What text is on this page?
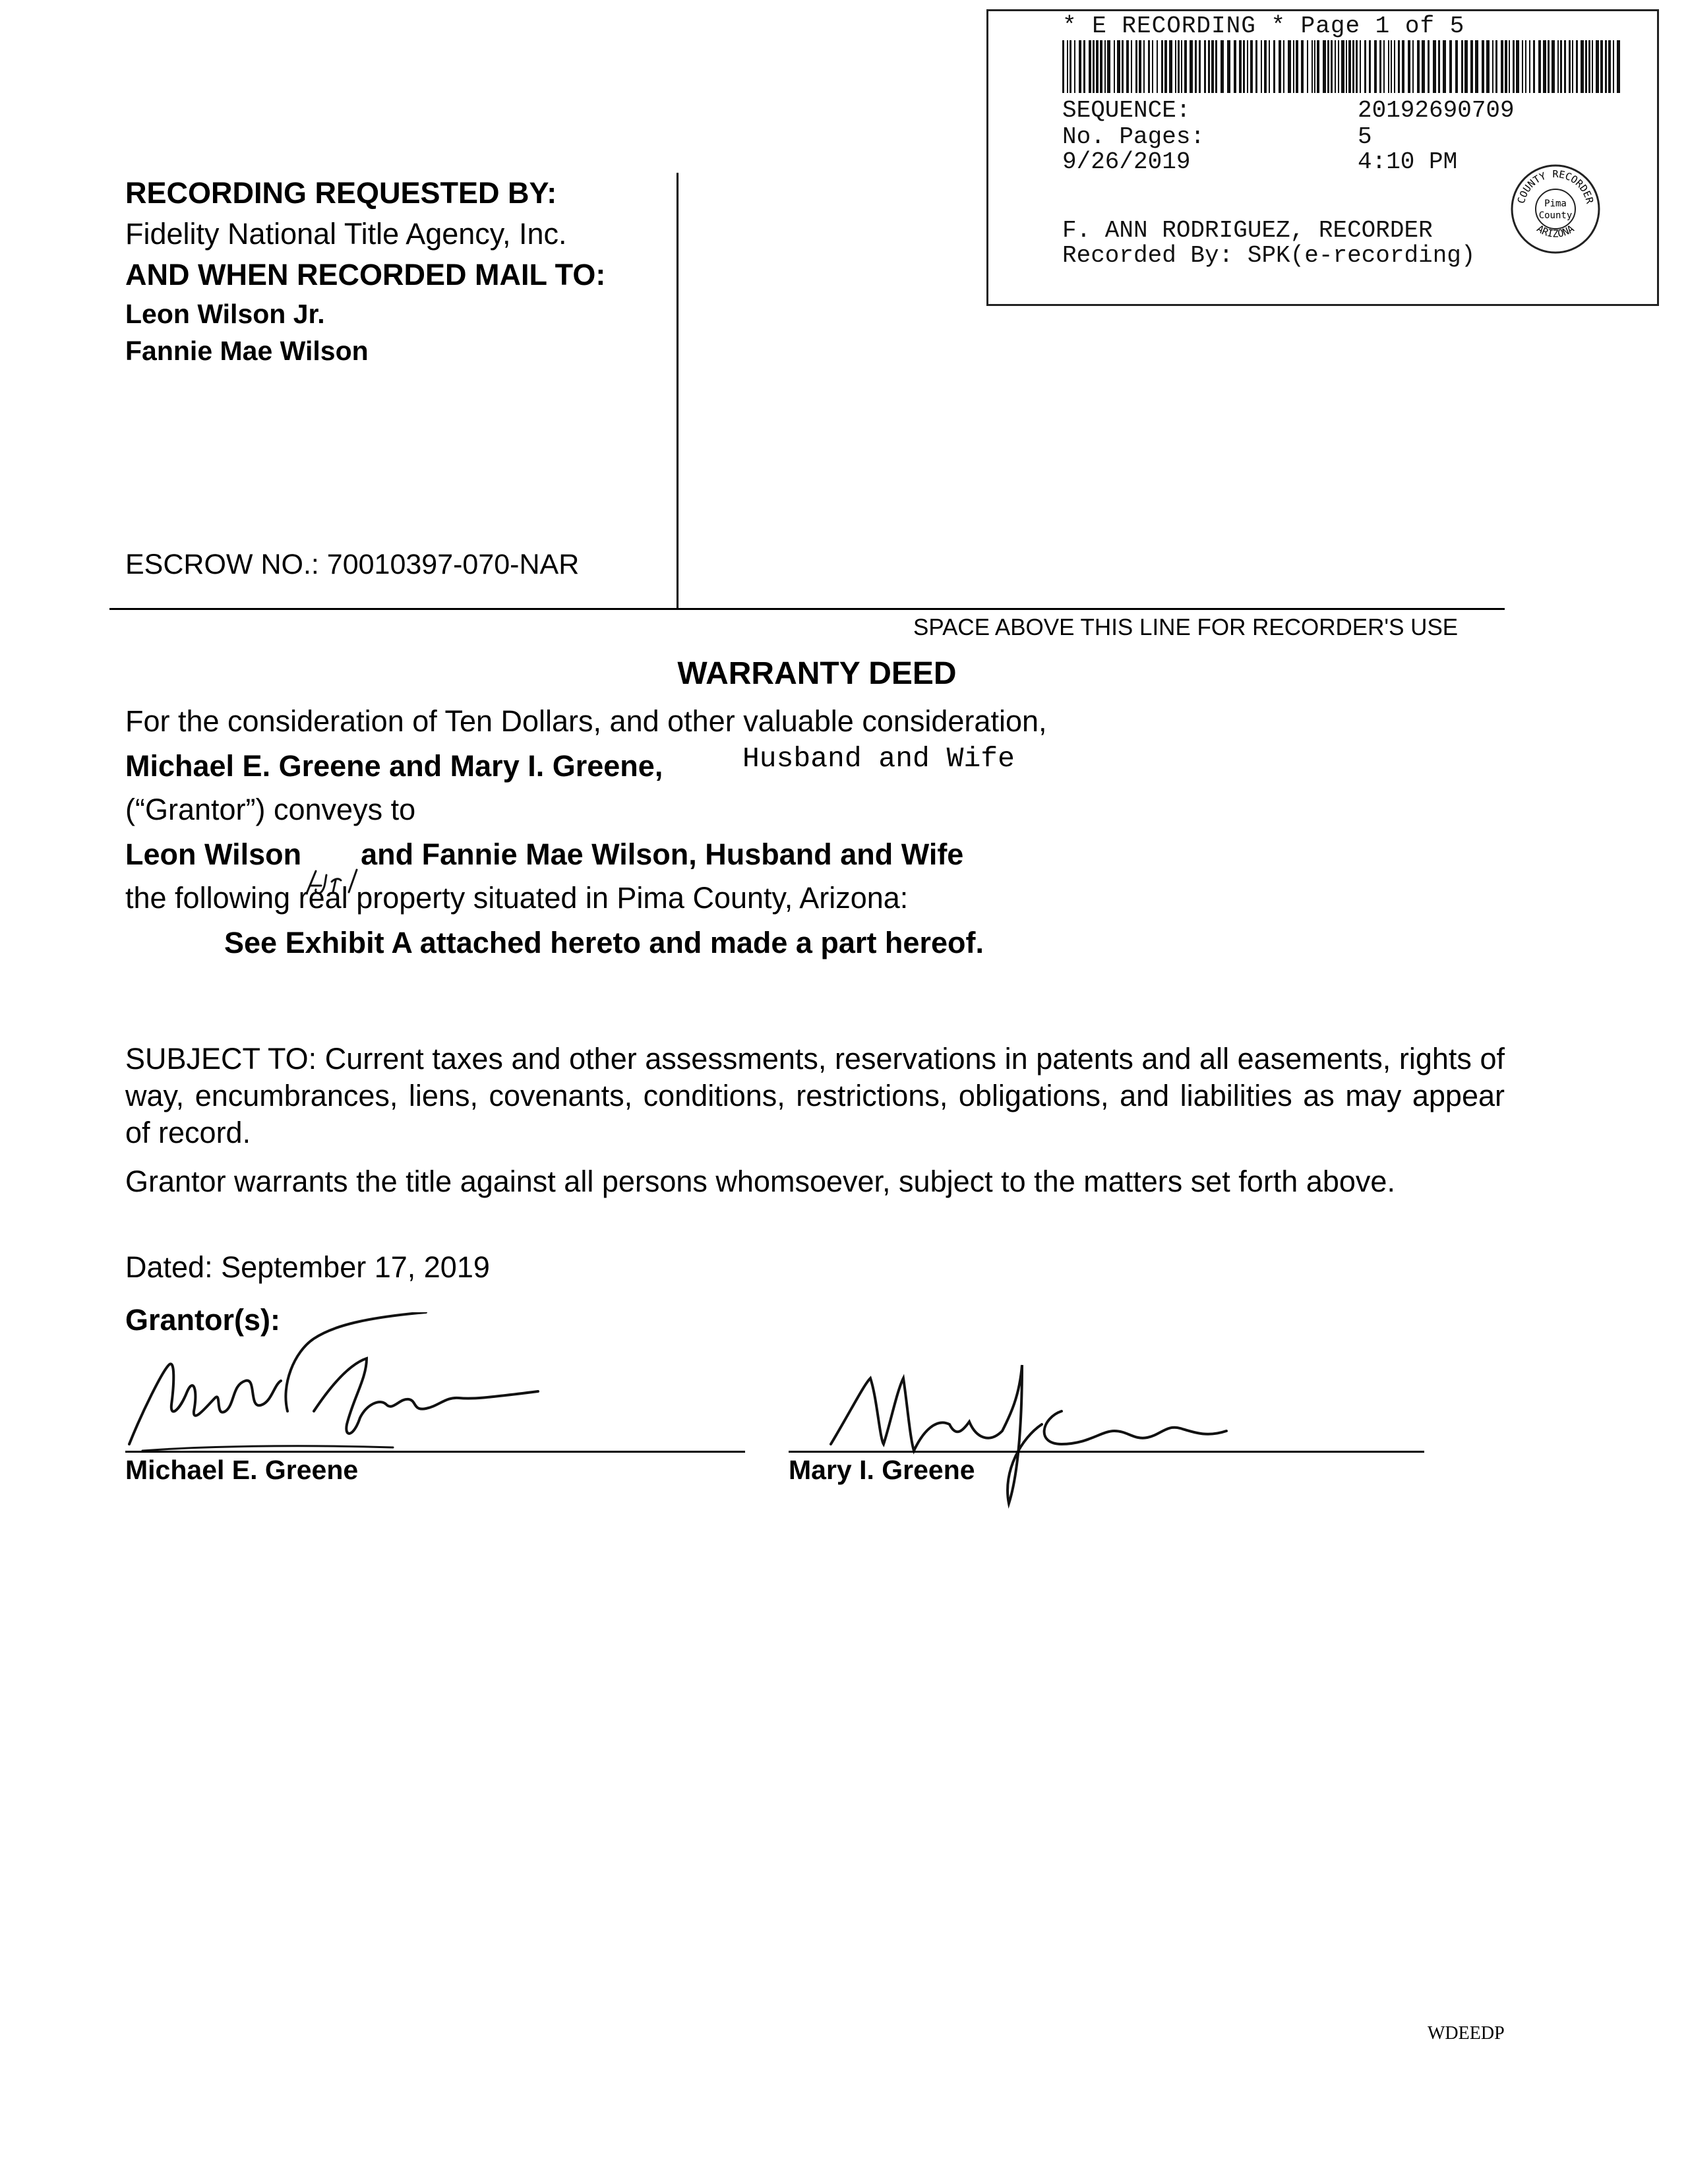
* E RECORDING * Page 1 of 5
SEQUENCE:	20192690709
No. Pages:	5
9/26/2019	4:10 PM
F. ANN RODRIGUEZ, RECORDER
Recorded By: SPK(e-recording)
Pima
County
COUNTY RECORDER
ARIZONA
RECORDING REQUESTED BY:
Fidelity National Title Agency, Inc.
AND WHEN RECORDED MAIL TO:
Leon Wilson Jr.
Fannie Mae Wilson
ESCROW NO.: 70010397-070-NAR
SPACE ABOVE THIS LINE FOR RECORDER'S USE
WARRANTY DEED
For the consideration of Ten Dollars, and other valuable consideration,
Michael E. Greene and Mary I. Greene,	Husband and Wife
(“Grantor”) conveys to
Leon Wilson and Fannie Mae Wilson, Husband and Wife
the following real property situated in Pima County, Arizona:
See Exhibit A attached hereto and made a part hereof.
SUBJECT TO: Current taxes and other assessments, reservations in patents and all easements, rights of way, encumbrances, liens, covenants, conditions, restrictions, obligations, and liabilities as may appear of record.
Grantor warrants the title against all persons whomsoever, subject to the matters set forth above.
Dated: September 17, 2019
Grantor(s):
Michael E. Greene	Mary I. Greene
WDEEDP
